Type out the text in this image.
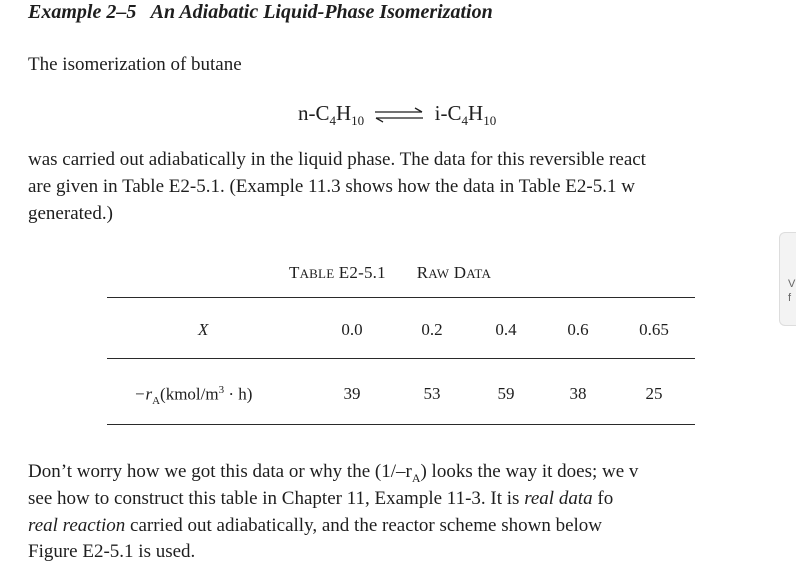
Example 2–5 An Adiabatic Liquid-Phase Isomerization
The isomerization of butane
$n-C_4H_{10}$ ⇌ $i-C_4H_{10}$
was carried out adiabatically in the liquid phase. The data for this reversible react
are given in Table E2-5.1. (Example 11.3 shows how the data in Table E2-5.1 w
generated.)
TABLE E2-5.1 RAW DATA
X	0.0	0.2	0.4	0.6	0.65
$-r_A(kmol/m^3 \cdot h)$	39	53	59	38	25
Don’t worry how we got this data or why the $(1/-r_A)$ looks the way it does; we v
see how to construct this table in Chapter 11, Example 11-3. It is real data fo
real reaction carried out adiabatically, and the reactor scheme shown below
Figure E2-5.1 is used.
V
f
